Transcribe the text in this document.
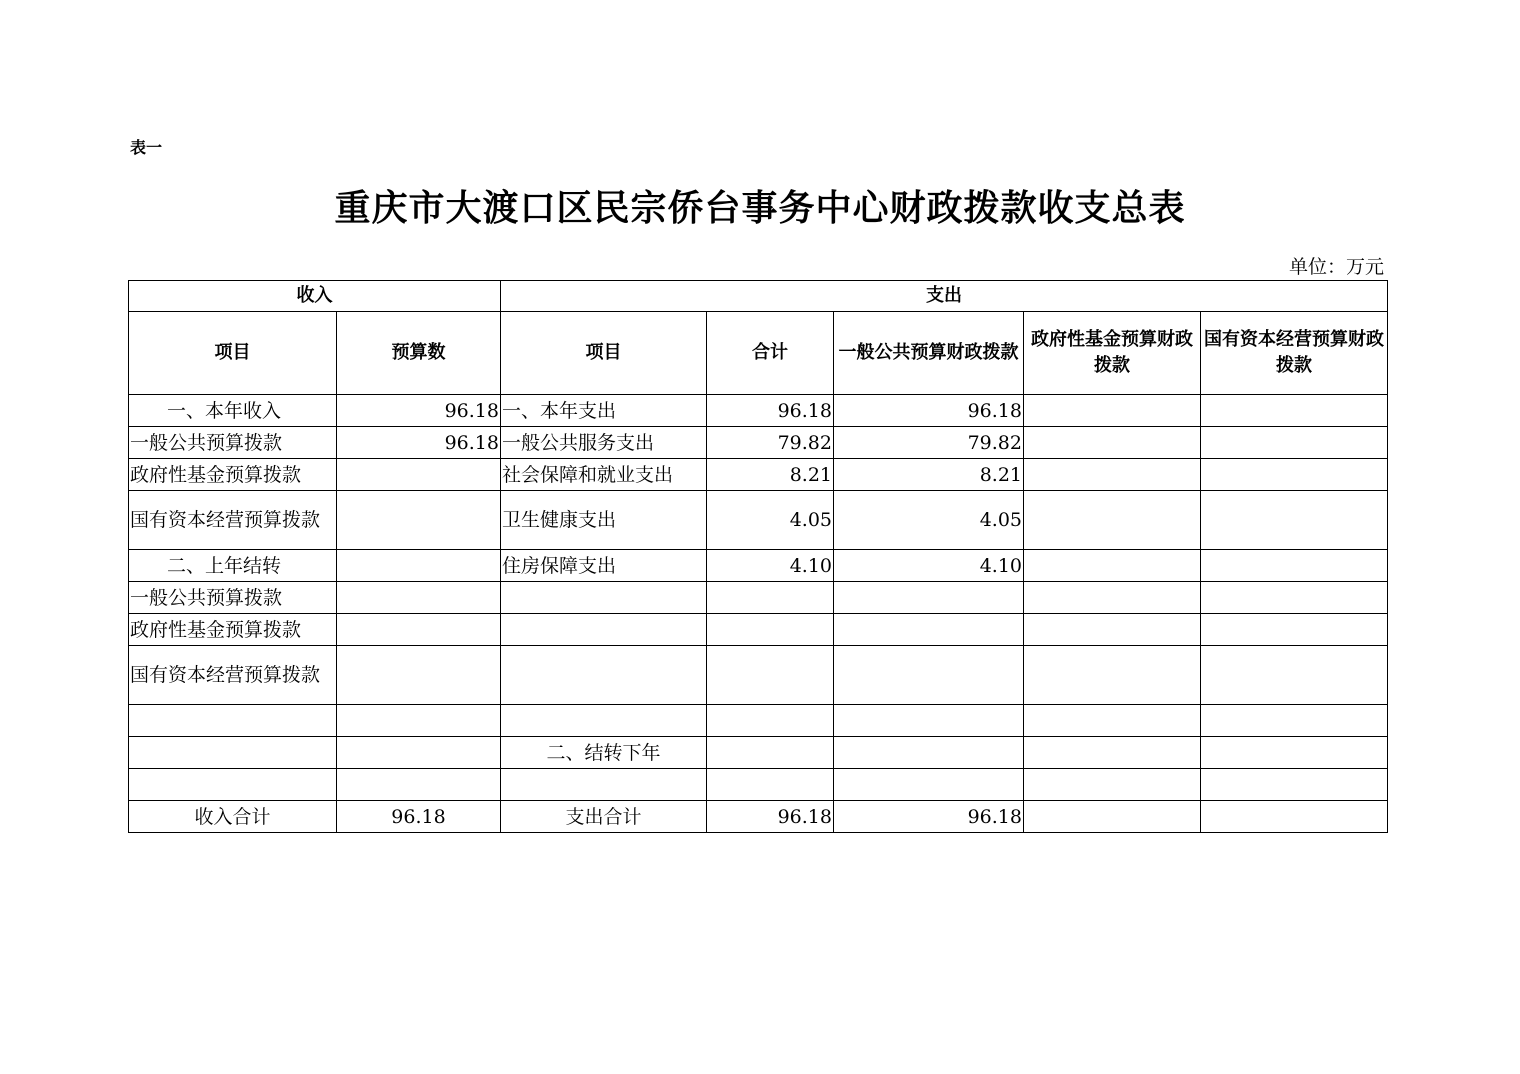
表一
重庆市大渡口区民宗侨台事务中心财政拨款收支总表
单位：万元
收入		支出				
项目	预算数	项目	合计	一般公共预算财政拨款	政府性基金预算财政拨款	国有资本经营预算财政拨款
一、本年收入	96.18	一、本年支出	96.18	96.18		
一般公共预算拨款	96.18	一般公共服务支出	79.82	79.82		
政府性基金预算拨款		社会保障和就业支出	8.21	8.21		
国有资本经营预算拨款		卫生健康支出	4.05	4.05		
二、上年结转		住房保障支出	4.10	4.10		
一般公共预算拨款						
政府性基金预算拨款						
国有资本经营预算拨款						

		二、结转下年				

收入合计	96.18	支出合计	96.18	96.18		
